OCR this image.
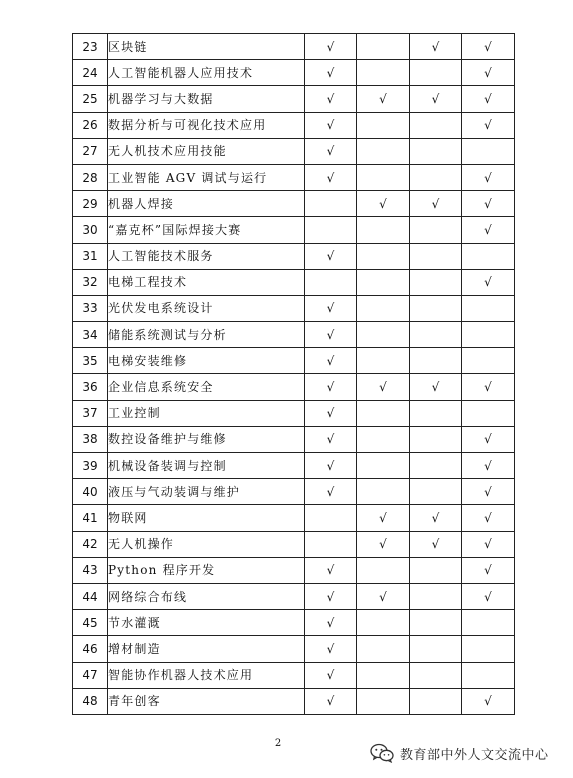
23	区块链	√		√	√
24	人工智能机器人应用技术	√			√
25	机器学习与大数据	√	√	√	√
26	数据分析与可视化技术应用	√			√
27	无人机技术应用技能	√			
28	工业智能 AGV 调试与运行	√			√
29	机器人焊接		√	√	√
30	“嘉克杯”国际焊接大赛				√
31	人工智能技术服务	√			
32	电梯工程技术				√
33	光伏发电系统设计	√			
34	储能系统测试与分析	√			
35	电梯安装维修	√			
36	企业信息系统安全	√	√	√	√
37	工业控制	√			
38	数控设备维护与维修	√			√
39	机械设备装调与控制	√			√
40	液压与气动装调与维护	√			√
41	物联网		√	√	√
42	无人机操作		√	√	√
43	Python 程序开发	√			√
44	网络综合布线	√	√		√
45	节水灌溉	√			
46	增材制造	√			
47	智能协作机器人技术应用	√			
48	青年创客	√			√
2
教育部中外人文交流中心
